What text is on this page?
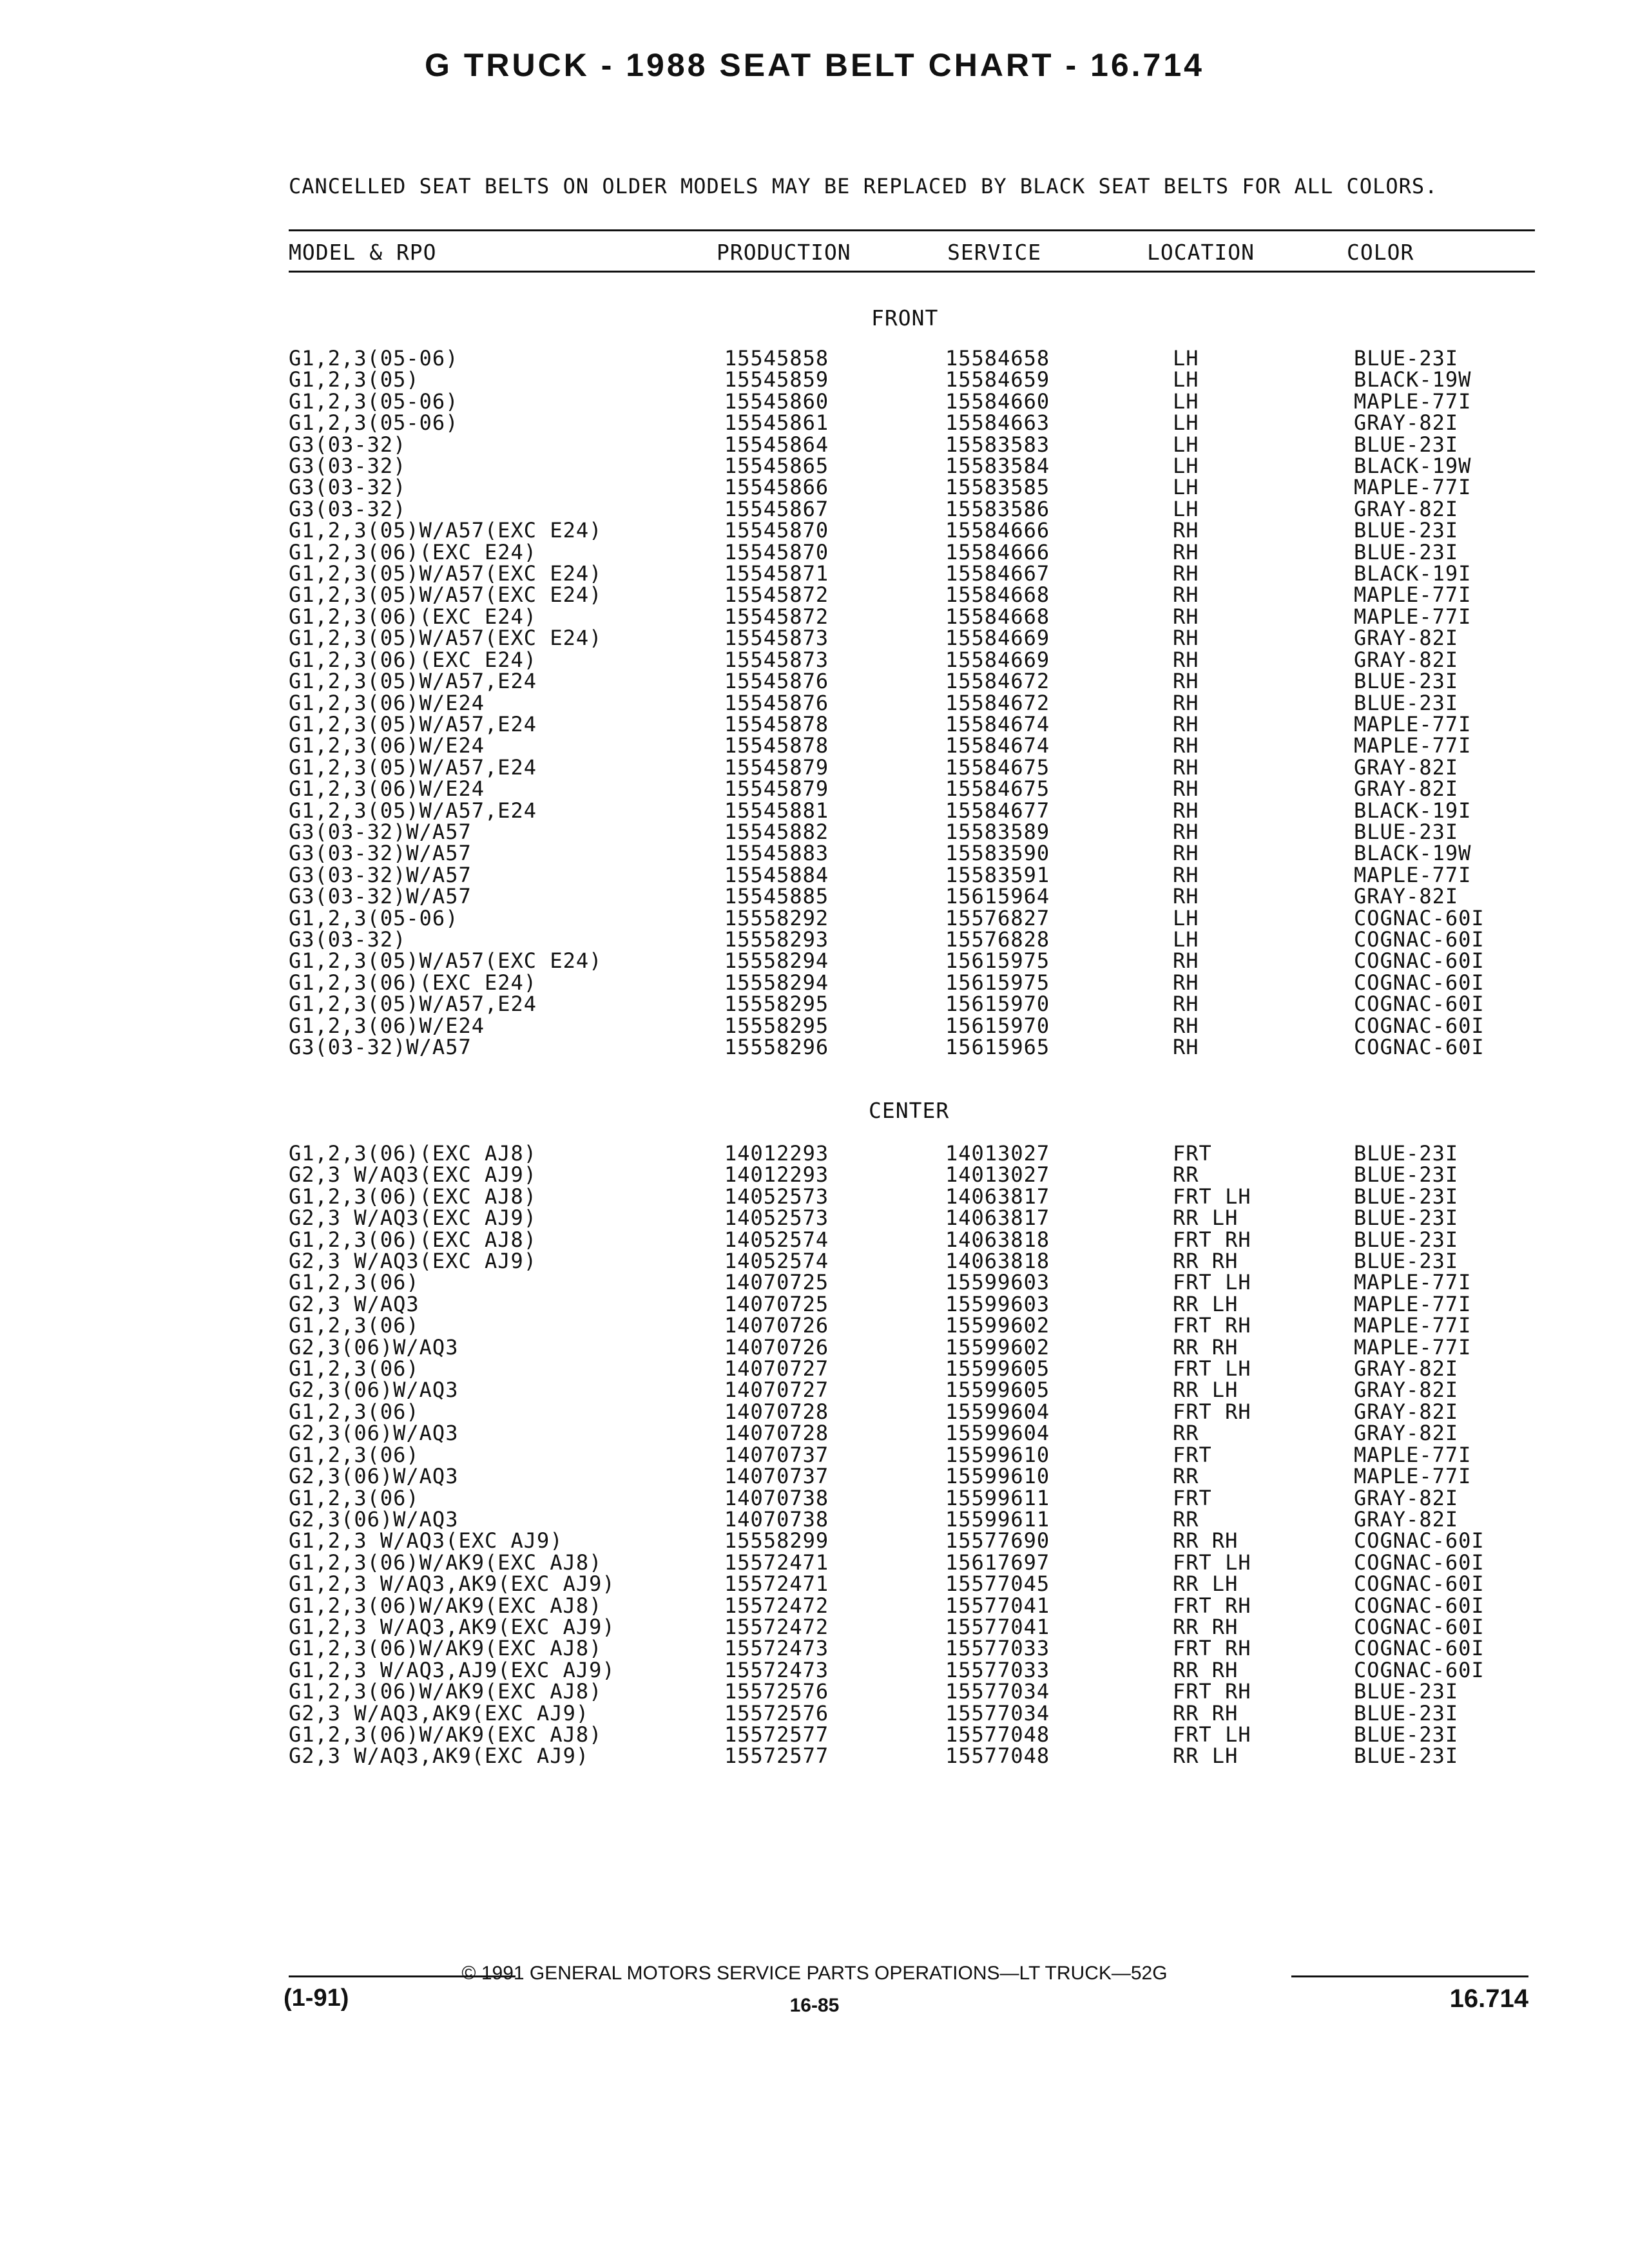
G TRUCK - 1988 SEAT BELT CHART - 16.714
CANCELLED SEAT BELTS ON OLDER MODELS MAY BE REPLACED BY BLACK SEAT BELTS FOR ALL COLORS.
MODEL & RPO	PRODUCTION	SERVICE	LOCATION	COLOR
FRONT
G1,2,3(05-06)	15545858	15584658	LH	BLUE-23I
G1,2,3(05)	15545859	15584659	LH	BLACK-19W
G1,2,3(05-06)	15545860	15584660	LH	MAPLE-77I
G1,2,3(05-06)	15545861	15584663	LH	GRAY-82I
G3(03-32)	15545864	15583583	LH	BLUE-23I
G3(03-32)	15545865	15583584	LH	BLACK-19W
G3(03-32)	15545866	15583585	LH	MAPLE-77I
G3(03-32)	15545867	15583586	LH	GRAY-82I
G1,2,3(05)W/A57(EXC E24)	15545870	15584666	RH	BLUE-23I
G1,2,3(06)(EXC E24)	15545870	15584666	RH	BLUE-23I
G1,2,3(05)W/A57(EXC E24)	15545871	15584667	RH	BLACK-19I
G1,2,3(05)W/A57(EXC E24)	15545872	15584668	RH	MAPLE-77I
G1,2,3(06)(EXC E24)	15545872	15584668	RH	MAPLE-77I
G1,2,3(05)W/A57(EXC E24)	15545873	15584669	RH	GRAY-82I
G1,2,3(06)(EXC E24)	15545873	15584669	RH	GRAY-82I
G1,2,3(05)W/A57,E24	15545876	15584672	RH	BLUE-23I
G1,2,3(06)W/E24	15545876	15584672	RH	BLUE-23I
G1,2,3(05)W/A57,E24	15545878	15584674	RH	MAPLE-77I
G1,2,3(06)W/E24	15545878	15584674	RH	MAPLE-77I
G1,2,3(05)W/A57,E24	15545879	15584675	RH	GRAY-82I
G1,2,3(06)W/E24	15545879	15584675	RH	GRAY-82I
G1,2,3(05)W/A57,E24	15545881	15584677	RH	BLACK-19I
G3(03-32)W/A57	15545882	15583589	RH	BLUE-23I
G3(03-32)W/A57	15545883	15583590	RH	BLACK-19W
G3(03-32)W/A57	15545884	15583591	RH	MAPLE-77I
G3(03-32)W/A57	15545885	15615964	RH	GRAY-82I
G1,2,3(05-06)	15558292	15576827	LH	COGNAC-60I
G3(03-32)	15558293	15576828	LH	COGNAC-60I
G1,2,3(05)W/A57(EXC E24)	15558294	15615975	RH	COGNAC-60I
G1,2,3(06)(EXC E24)	15558294	15615975	RH	COGNAC-60I
G1,2,3(05)W/A57,E24	15558295	15615970	RH	COGNAC-60I
G1,2,3(06)W/E24	15558295	15615970	RH	COGNAC-60I
G3(03-32)W/A57	15558296	15615965	RH	COGNAC-60I
CENTER
G1,2,3(06)(EXC AJ8)	14012293	14013027	FRT	BLUE-23I
G2,3 W/AQ3(EXC AJ9)	14012293	14013027	RR	BLUE-23I
G1,2,3(06)(EXC AJ8)	14052573	14063817	FRT LH	BLUE-23I
G2,3 W/AQ3(EXC AJ9)	14052573	14063817	RR LH	BLUE-23I
G1,2,3(06)(EXC AJ8)	14052574	14063818	FRT RH	BLUE-23I
G2,3 W/AQ3(EXC AJ9)	14052574	14063818	RR RH	BLUE-23I
G1,2,3(06)	14070725	15599603	FRT LH	MAPLE-77I
G2,3 W/AQ3	14070725	15599603	RR LH	MAPLE-77I
G1,2,3(06)	14070726	15599602	FRT RH	MAPLE-77I
G2,3(06)W/AQ3	14070726	15599602	RR RH	MAPLE-77I
G1,2,3(06)	14070727	15599605	FRT LH	GRAY-82I
G2,3(06)W/AQ3	14070727	15599605	RR LH	GRAY-82I
G1,2,3(06)	14070728	15599604	FRT RH	GRAY-82I
G2,3(06)W/AQ3	14070728	15599604	RR	GRAY-82I
G1,2,3(06)	14070737	15599610	FRT	MAPLE-77I
G2,3(06)W/AQ3	14070737	15599610	RR	MAPLE-77I
G1,2,3(06)	14070738	15599611	FRT	GRAY-82I
G2,3(06)W/AQ3	14070738	15599611	RR	GRAY-82I
G1,2,3 W/AQ3(EXC AJ9)	15558299	15577690	RR RH	COGNAC-60I
G1,2,3(06)W/AK9(EXC AJ8)	15572471	15617697	FRT LH	COGNAC-60I
G1,2,3 W/AQ3,AK9(EXC AJ9)	15572471	15577045	RR LH	COGNAC-60I
G1,2,3(06)W/AK9(EXC AJ8)	15572472	15577041	FRT RH	COGNAC-60I
G1,2,3 W/AQ3,AK9(EXC AJ9)	15572472	15577041	RR RH	COGNAC-60I
G1,2,3(06)W/AK9(EXC AJ8)	15572473	15577033	FRT RH	COGNAC-60I
G1,2,3 W/AQ3,AJ9(EXC AJ9)	15572473	15577033	RR RH	COGNAC-60I
G1,2,3(06)W/AK9(EXC AJ8)	15572576	15577034	FRT RH	BLUE-23I
G2,3 W/AQ3,AK9(EXC AJ9)	15572576	15577034	RR RH	BLUE-23I
G1,2,3(06)W/AK9(EXC AJ8)	15572577	15577048	FRT LH	BLUE-23I
G2,3 W/AQ3,AK9(EXC AJ9)	15572577	15577048	RR LH	BLUE-23I
© 1991 GENERAL MOTORS SERVICE PARTS OPERATIONS—LT TRUCK—52G
(1-91)	16-85	16.714
